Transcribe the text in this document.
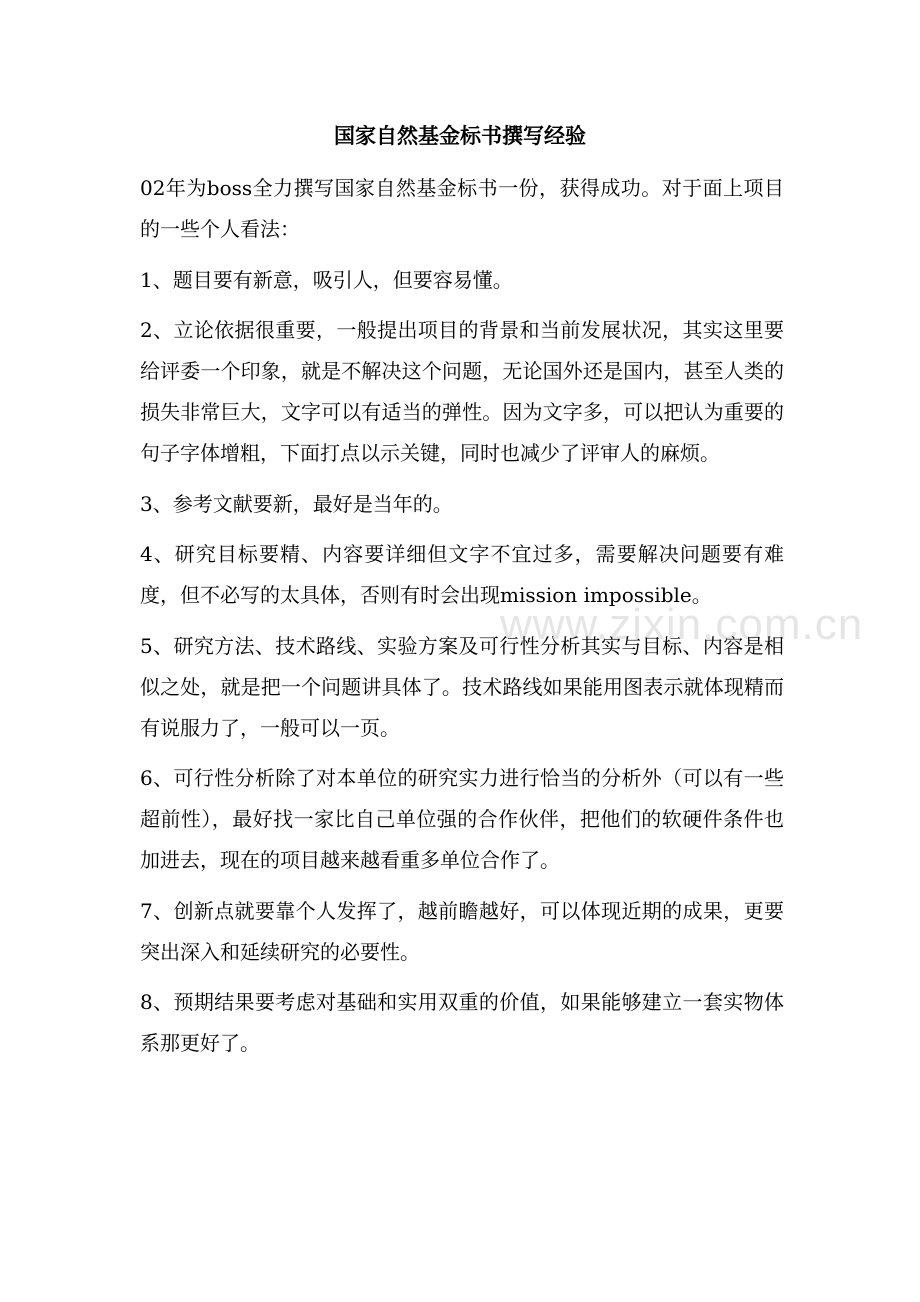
www.zixin.com.cn
国家自然基金标书撰写经验

02年为boss全力撰写国家自然基金标书一份，获得成功。对于面上项目的一些个人看法：

1、题目要有新意，吸引人，但要容易懂。

2、立论依据很重要，一般提出项目的背景和当前发展状况，其实这里要给评委一个印象，就是不解决这个问题，无论国外还是国内，甚至人类的损失非常巨大，文字可以有适当的弹性。因为文字多，可以把认为重要的句子字体增粗，下面打点以示关键，同时也减少了评审人的麻烦。

3、参考文献要新，最好是当年的。

4、研究目标要精、内容要详细但文字不宜过多，需要解决问题要有难度，但不必写的太具体，否则有时会出现mission impossible。

5、研究方法、技术路线、实验方案及可行性分析其实与目标、内容是相似之处，就是把一个问题讲具体了。技术路线如果能用图表示就体现精而有说服力了，一般可以一页。

6、可行性分析除了对本单位的研究实力进行恰当的分析外（可以有一些超前性），最好找一家比自己单位强的合作伙伴，把他们的软硬件条件也加进去，现在的项目越来越看重多单位合作了。

7、创新点就要靠个人发挥了，越前瞻越好，可以体现近期的成果，更要突出深入和延续研究的必要性。

8、预期结果要考虑对基础和实用双重的价值，如果能够建立一套实物体系那更好了。
